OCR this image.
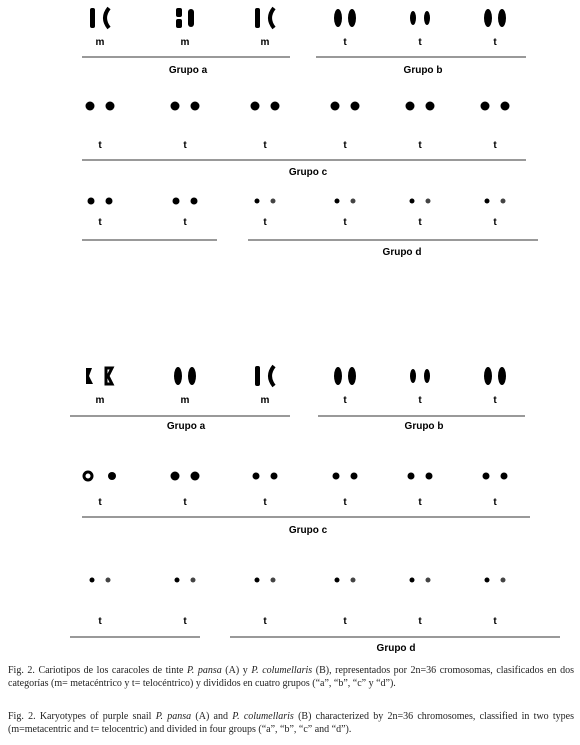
m	m	m	t	t	t
Grupo a	Grupo b
t	t	t	t	t	t
Grupo c
t	t	t	t	t	t
Grupo d
m	m	m	t	t	t
Grupo a	Grupo b
t	t	t	t	t	t
Grupo c
t	t	t	t	t	t
Grupo d
Fig. 2. Cariotipos de los caracoles de tinte P. pansa (A) y P. columellaris (B), representados por 2n=36 cromosomas, clasificados en dos categorías (m= metacéntrico y t= telocéntrico) y divididos en cuatro grupos (“a”, “b”, “c” y “d”).
Fig. 2. Karyotypes of purple snail P. pansa (A) and P. columellaris (B) characterized by 2n=36 chromosomes, classified in two types (m=metacentric and t= telocentric) and divided in four groups (“a”, “b”, “c” and “d”).
